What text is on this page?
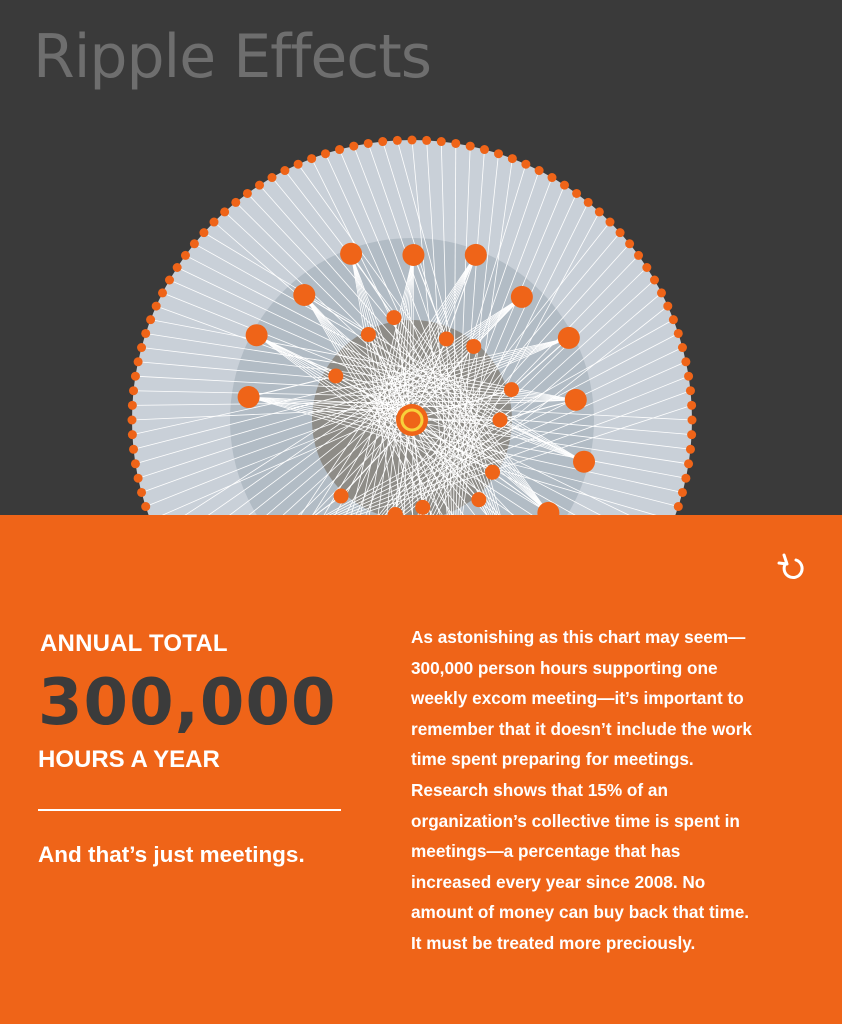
Ripple Effects
ANNUAL TOTAL
300,000
HOURS A YEAR
And that’s just meetings.
As astonishing as this chart may seem—
300,000 person hours supporting one
weekly excom meeting—it’s important to
remember that it doesn’t include the work
time spent preparing for meetings.
Research shows that 15% of an
organization’s collective time is spent in
meetings—a percentage that has
increased every year since 2008. No
amount of money can buy back that time.
It must be treated more preciously.
